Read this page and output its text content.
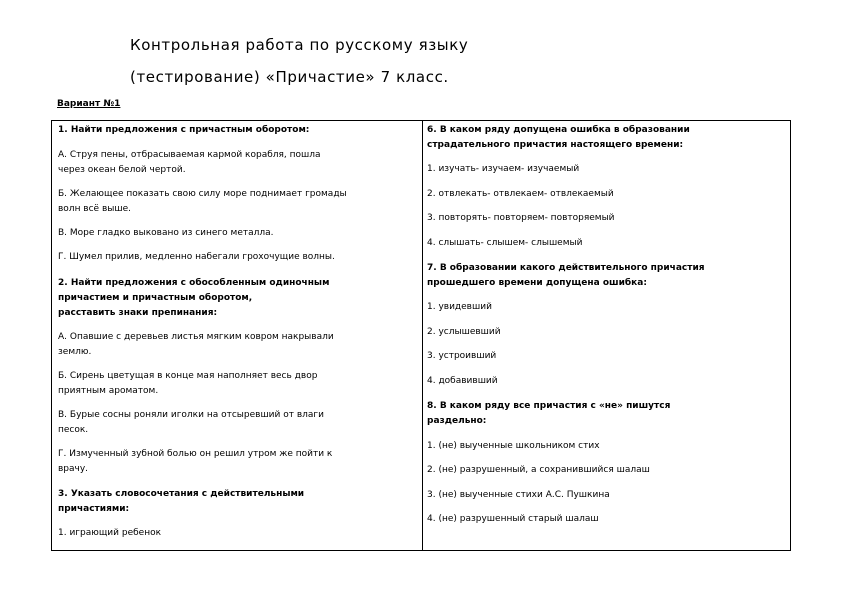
Контрольная работа по русскому языку
(тестирование) «Причастие» 7 класс.
Вариант №1
1. Найти предложения с причастным оборотом:
А. Струя пены, отбрасываемая кармой корабля, пошла
через океан белой чертой.
Б. Желающее показать свою силу море поднимает громады
волн всё выше.
В. Море гладко выковано из синего металла.
Г. Шумел прилив, медленно набегали грохочущие волны.
2. Найти предложения с обособленным одиночным
причастием и причастным оборотом,
расставить знаки препинания:
А. Опавшие с деревьев листья мягким ковром накрывали
землю.
Б. Сирень цветущая в конце мая наполняет весь двор
приятным ароматом.
В. Бурые сосны роняли иголки на отсыревший от влаги
песок.
Г. Измученный зубной болью он решил утром же пойти к
врачу.
3. Указать словосочетания с действительными
причастиями:
1. играющий ребенок
6. В каком ряду допущена ошибка в образовании
страдательного причастия настоящего времени:
1. изучать- изучаем- изучаемый
2. отвлекать- отвлекаем- отвлекаемый
3. повторять- повторяем- повторяемый
4. слышать- слышем- слышемый
7. В образовании какого действительного причастия
прошедшего времени допущена ошибка:
1. увидевший
2. услышевший
3. устроивший
4. добавивший
8. В каком ряду все причастия с «не» пишутся
раздельно:
1. (не) выученные школьником стих
2. (не) разрушенный, а сохранившийся шалаш
3. (не) выученные стихи А.С. Пушкина
4. (не) разрушенный старый шалаш
